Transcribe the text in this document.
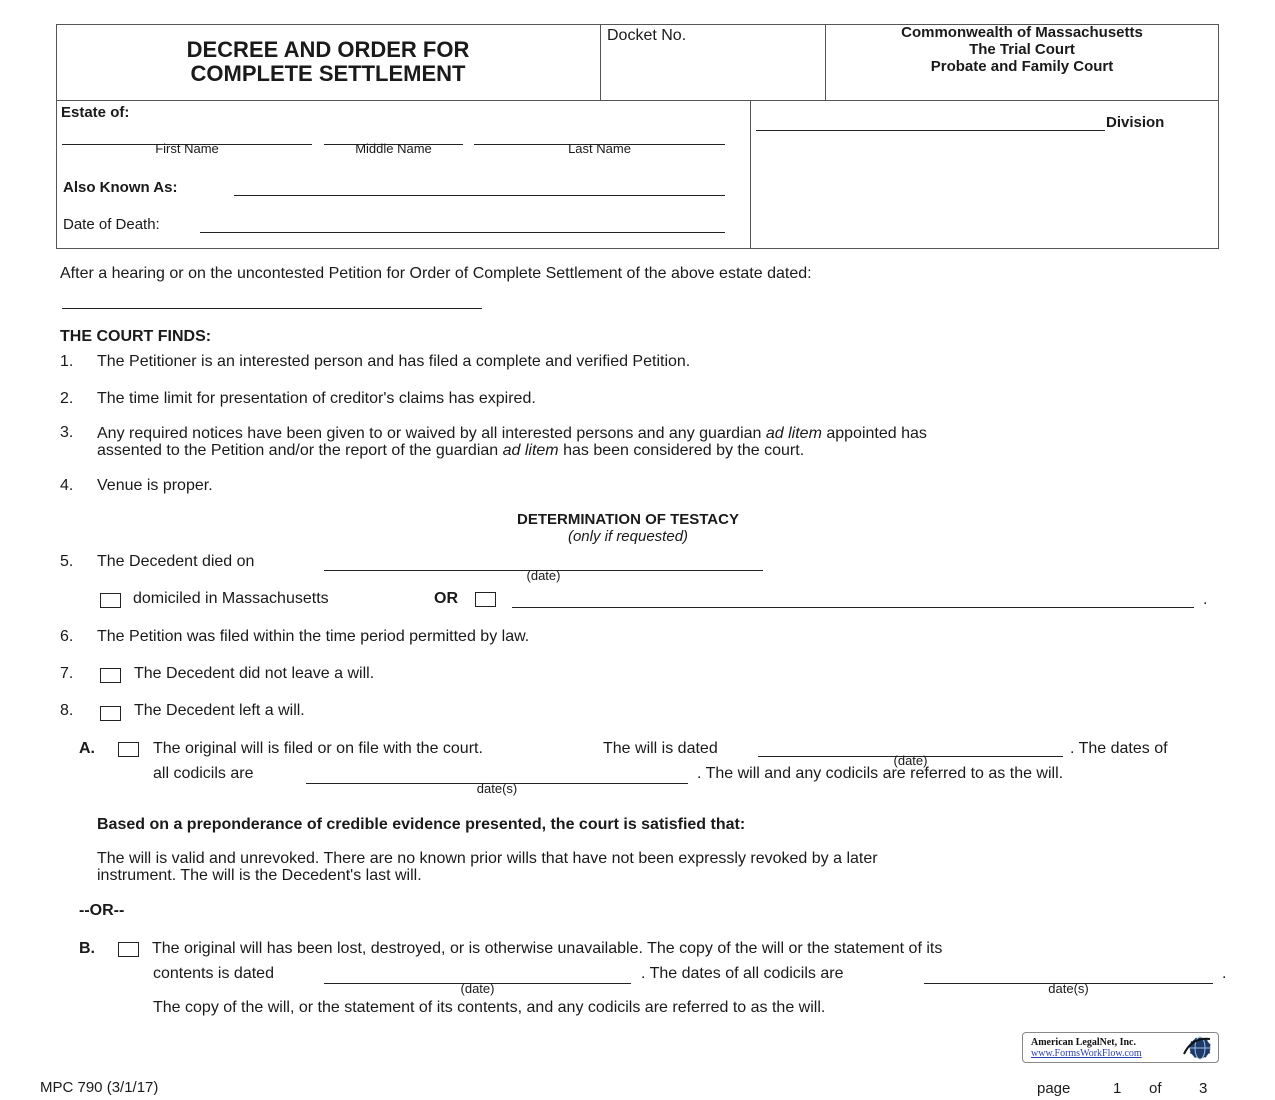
DECREE AND ORDER FOR
COMPLETE SETTLEMENT
Docket No.	Commonwealth of Massachusetts
The Trial Court
Probate and Family Court
Estate of:
First Name	Middle Name	Last Name
Also Known As:
Date of Death:
Division
After a hearing or on the uncontested Petition for Order of Complete Settlement of the above estate dated:
THE COURT FINDS:
1. The Petitioner is an interested person and has filed a complete and verified Petition.
2. The time limit for presentation of creditor's claims has expired.
3. Any required notices have been given to or waived by all interested persons and any guardian ad litem appointed has
assented to the Petition and/or the report of the guardian ad litem has been considered by the court.
4. Venue is proper.
DETERMINATION OF TESTACY
(only if requested)
5. The Decedent died on
(date)
domiciled in Massachusetts	OR	.
6. The Petition was filed within the time period permitted by law.
7.	The Decedent did not leave a will.
8.	The Decedent left a will.
A.	The original will is filed or on file with the court.	The will is dated
(date)
. The dates of
all codicils are
date(s)
. The will and any codicils are referred to as the will.
Based on a preponderance of credible evidence presented, the court is satisfied that:
The will is valid and unrevoked. There are no known prior wills that have not been expressly revoked by a later
instrument. The will is the Decedent's last will.
--OR--
B.	The original will has been lost, destroyed, or is otherwise unavailable. The copy of the will or the statement of its
contents is dated
(date)
. The dates of all codicils are
date(s)
.
The copy of the will, or the statement of its contents, and any codicils are referred to as the will.
American LegalNet, Inc.
www.FormsWorkFlow.com
MPC 790 (3/1/17)	page	1 of 3
